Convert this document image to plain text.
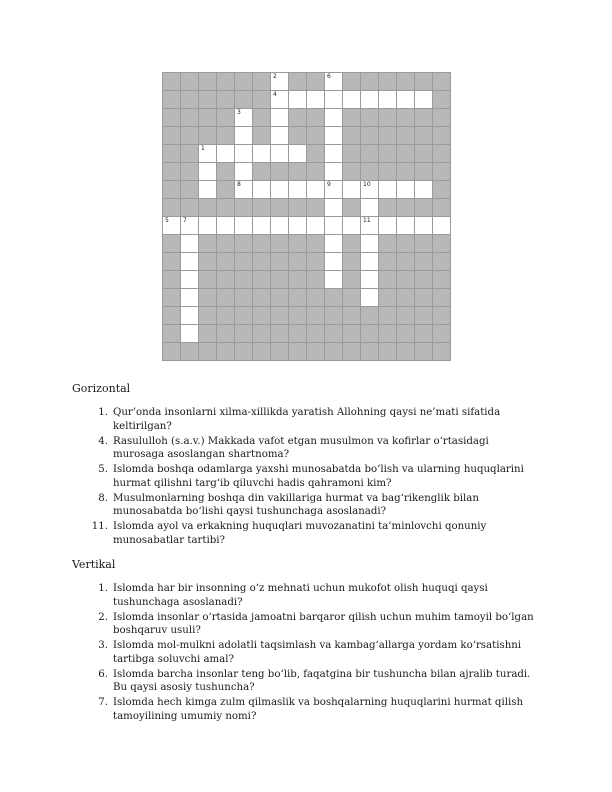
2	6
4
3
1
8	9	10
5 7	11
Gorizontal
1. Qur’onda insonlarni xilma-xillikda yaratish Allohning qaysi ne’mati sifatida keltirilgan?
4. Rasululloh (s.a.v.) Makkada vafot etgan musulmon va kofirlar o‘rtasidagi murosaga asoslangan shartnoma?
5. Islomda boshqa odamlarga yaxshi munosabatda bo‘lish va ularning huquqlarini hurmat qilishni targ‘ib qiluvchi hadis qahramoni kim?
8. Musulmonlarning boshqa din vakillariga hurmat va bag‘rikenglik bilan munosabatda bo‘lishi qaysi tushunchaga asoslanadi?
11. Islomda ayol va erkakning huquqlari muvozanatini ta’minlovchi qonuniy munosabatlar tartibi?
Vertikal
1. Islomda har bir insonning o‘z mehnati uchun mukofot olish huquqi qaysi tushunchaga asoslanadi?
2. Islomda insonlar o‘rtasida jamoatni barqaror qilish uchun muhim tamoyil bo‘lgan boshqaruv usuli?
3. Islomda mol-mulkni adolatli taqsimlash va kambag‘allarga yordam ko‘rsatishni tartibga soluvchi amal?
6. Islomda barcha insonlar teng bo‘lib, faqatgina bir tushuncha bilan ajralib turadi. Bu qaysi asosiy tushuncha?
7. Islomda hech kimga zulm qilmaslik va boshqalarning huquqlarini hurmat qilish tamoyilining umumiy nomi?
